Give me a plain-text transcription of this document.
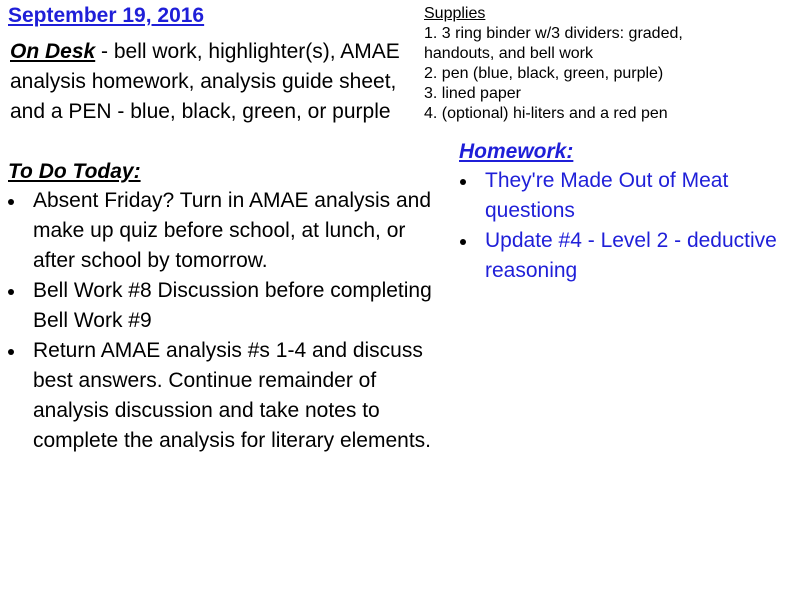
September 19, 2016
On Desk - bell work, highlighter(s), AMAE analysis homework, analysis guide sheet, and a PEN - blue, black, green, or purple
To Do Today:
Absent Friday? Turn in AMAE analysis and make up quiz before school, at lunch, or after school by tomorrow.
Bell Work #8 Discussion before completing Bell Work #9
Return AMAE analysis #s 1-4 and discuss best answers. Continue remainder of analysis discussion and take notes to complete the analysis for literary elements.
Supplies
1. 3 ring binder w/3 dividers: graded, handouts, and bell work
2. pen (blue, black, green, purple)
3. lined paper
4. (optional) hi-liters and a red pen
Homework:
They're Made Out of Meat questions
Update #4 - Level 2 - deductive reasoning
